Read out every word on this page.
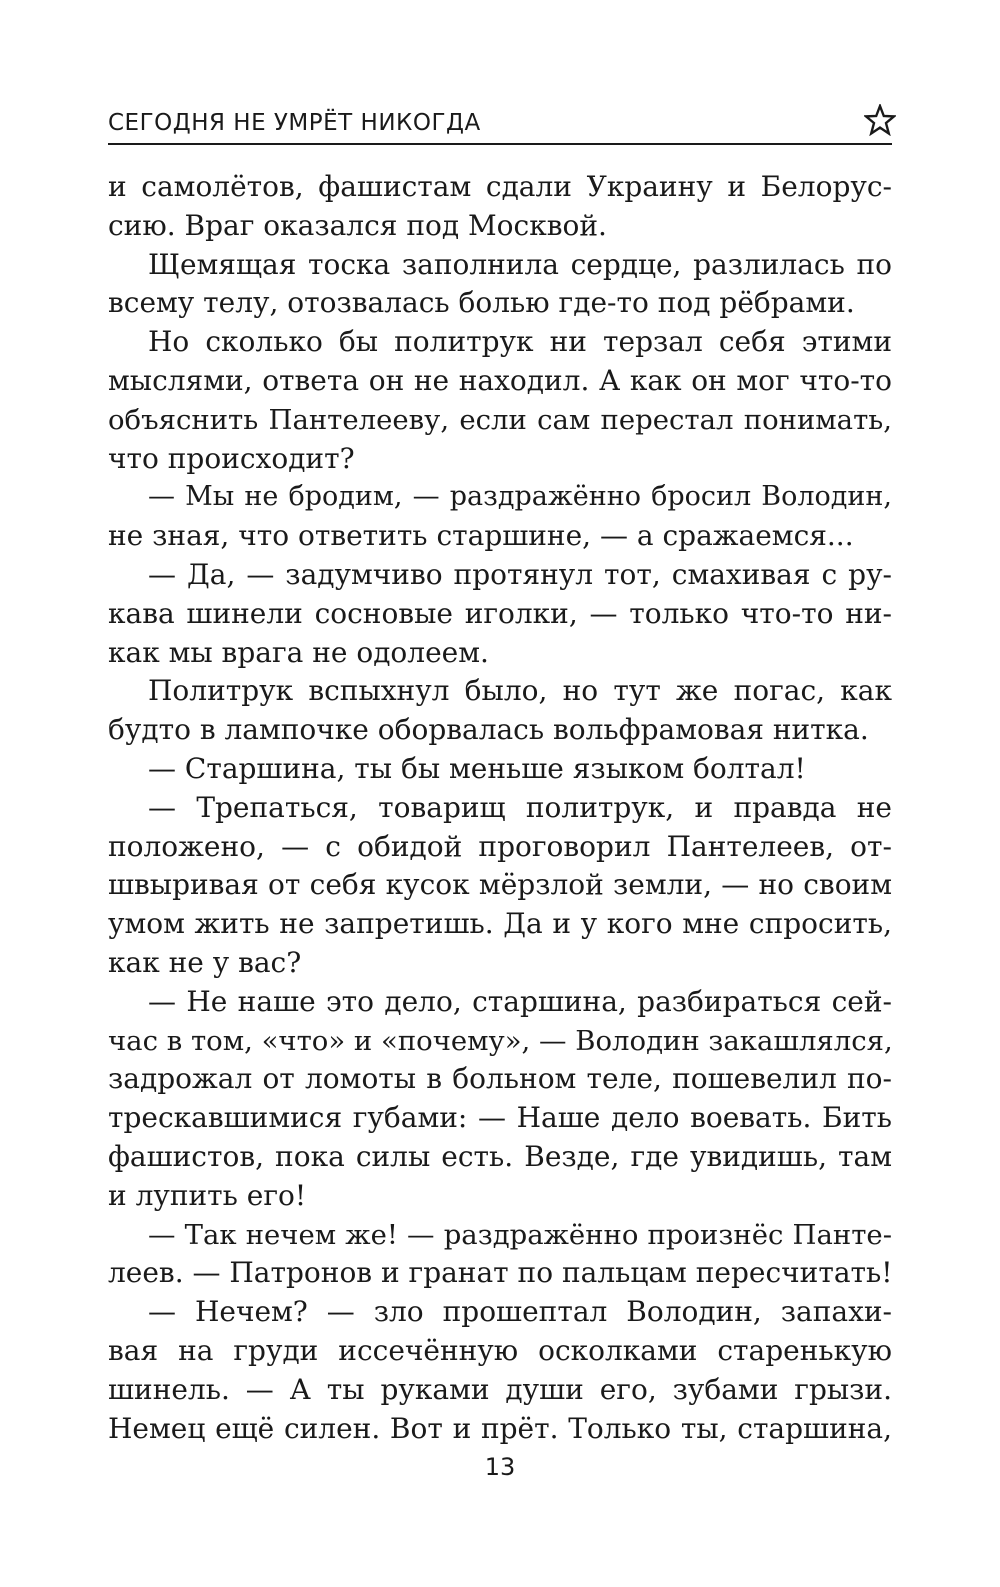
СЕГОДНЯ НЕ УМРЁТ НИКОГДА
и самолётов, фашистам сдали Украину и Белорус-
сию. Враг оказался под Москвой.
Щемящая тоска заполнила сердце, разлилась по
всему телу, отозвалась болью где-то под рёбрами.
Но сколько бы политрук ни терзал себя этими
мыслями, ответа он не находил. А как он мог что-то
объяснить Пантелееву, если сам перестал понимать,
что происходит?
— Мы не бродим, — раздражённо бросил Володин,
не зная, что ответить старшине, — а сражаемся...
— Да, — задумчиво протянул тот, смахивая с ру-
кава шинели сосновые иголки, — только что-то ни-
как мы врага не одолеем.
Политрук вспыхнул было, но тут же погас, как
будто в лампочке оборвалась вольфрамовая нитка.
— Старшина, ты бы меньше языком болтал!
— Трепаться, товарищ политрук, и правда не
положено, — с обидой проговорил Пантелеев, от-
швыривая от себя кусок мёрзлой земли, — но своим
умом жить не запретишь. Да и у кого мне спросить,
как не у вас?
— Не наше это дело, старшина, разбираться сей-
час в том, «что» и «почему», — Володин закашлялся,
задрожал от ломоты в больном теле, пошевелил по-
трескавшимися губами: — Наше дело воевать. Бить
фашистов, пока силы есть. Везде, где увидишь, там
и лупить его!
— Так нечем же! — раздражённо произнёс Панте-
леев. — Патронов и гранат по пальцам пересчитать!
— Нечем? — зло прошептал Володин, запахи-
вая на груди иссечённую осколками старенькую
шинель. — А ты руками души его, зубами грызи.
Немец ещё силен. Вот и прёт. Только ты, старшина,
13
